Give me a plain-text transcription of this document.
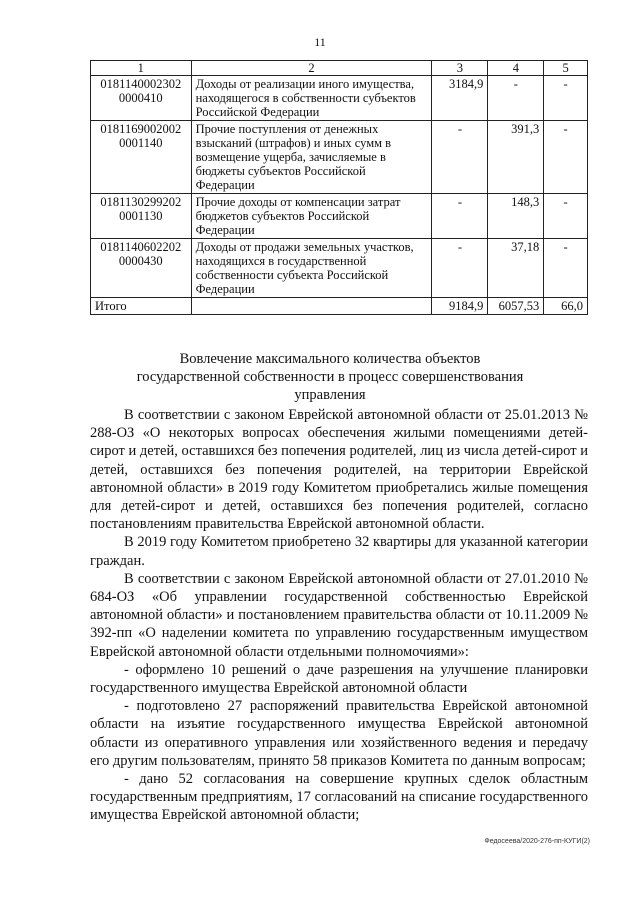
11
1	2	3	4	5
0181140002302 0000410	Доходы от реализации иного имущества, находящегося в собственности субъектов Российской Федерации	3184,9	-	-
0181169002002 0001140	Прочие поступления от денежных взысканий (штрафов) и иных сумм в возмещение ущерба, зачисляемые в бюджеты субъектов Российской Федерации	-	391,3	-
0181130299202 0001130	Прочие доходы от компенсации затрат бюджетов субъектов Российской Федерации	-	148,3	-
0181140602202 0000430	Доходы от продажи земельных участков, находящихся в государственной собственности субъекта Российской Федерации	-	37,18	-
Итого		9184,9	6057,53	66,0
Вовлечение максимального количества объектов государственной собственности в процесс совершенствования управления

В соответствии с законом Еврейской автономной области от 25.01.2013 № 288-ОЗ «О некоторых вопросах обеспечения жилыми помещениями детей-сирот и детей, оставшихся без попечения родителей, лиц из числа детей-сирот и детей, оставшихся без попечения родителей, на территории Еврейской автономной области» в 2019 году Комитетом приобретались жилые помещения для детей-сирот и детей, оставшихся без попечения родителей, согласно постановлениям правительства Еврейской автономной области.

В 2019 году Комитетом приобретено 32 квартиры для указанной категории граждан.

В соответствии с законом Еврейской автономной области от 27.01.2010 № 684-ОЗ «Об управлении государственной собственностью Еврейской автономной области» и постановлением правительства области от 10.11.2009 № 392-пп «О наделении комитета по управлению государственным имуществом Еврейской автономной области отдельными полномочиями»:

- оформлено 10 решений о даче разрешения на улучшение планировки государственного имущества Еврейской автономной области

- подготовлено 27 распоряжений правительства Еврейской автономной области на изъятие государственного имущества Еврейской автономной области из оперативного управления или хозяйственного ведения и передачу его другим пользователям, принято 58 приказов Комитета по данным вопросам;

- дано 52 согласования на совершение крупных сделок областным государственным предприятиям, 17 согласований на списание государственного имущества Еврейской автономной области;

Федосеева/2020-276-пп-КУГИ(2)
